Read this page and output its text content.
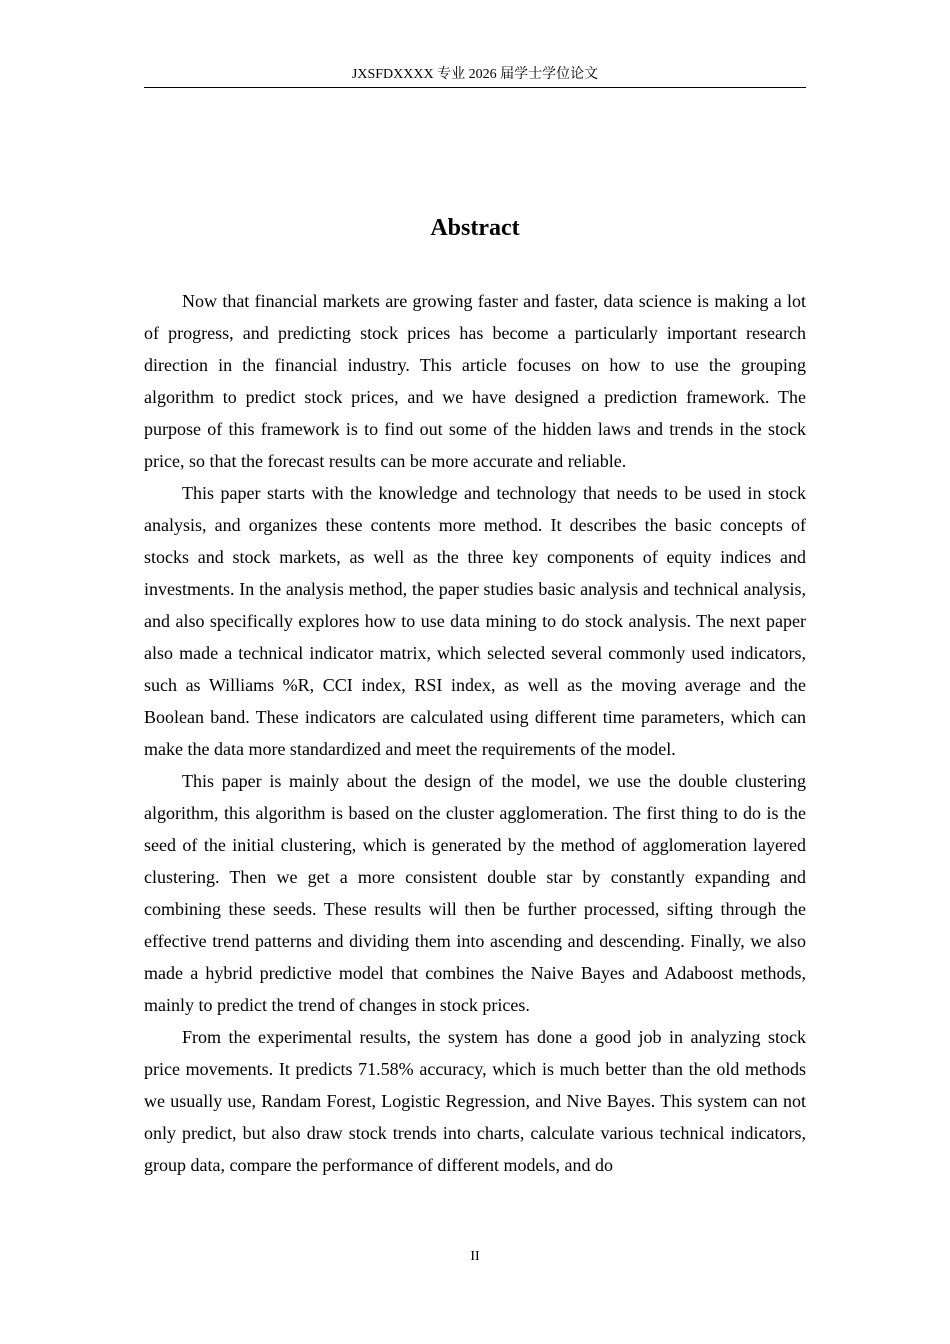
JXSFDXXXX 专业 2026 届学士学位论文
Abstract

Now that financial markets are growing faster and faster, data science is making a lot of progress, and predicting stock prices has become a particularly important research direction in the financial industry. This article focuses on how to use the grouping algorithm to predict stock prices, and we have designed a prediction framework. The purpose of this framework is to find out some of the hidden laws and trends in the stock price, so that the forecast results can be more accurate and reliable.

This paper starts with the knowledge and technology that needs to be used in stock analysis, and organizes these contents more method. It describes the basic concepts of stocks and stock markets, as well as the three key components of equity indices and investments. In the analysis method, the paper studies basic analysis and technical analysis, and also specifically explores how to use data mining to do stock analysis. The next paper also made a technical indicator matrix, which selected several commonly used indicators, such as Williams %R, CCI index, RSI index, as well as the moving average and the Boolean band. These indicators are calculated using different time parameters, which can make the data more standardized and meet the requirements of the model.

This paper is mainly about the design of the model, we use the double clustering algorithm, this algorithm is based on the cluster agglomeration. The first thing to do is the seed of the initial clustering, which is generated by the method of agglomeration layered clustering. Then we get a more consistent double star by constantly expanding and combining these seeds. These results will then be further processed, sifting through the effective trend patterns and dividing them into ascending and descending. Finally, we also made a hybrid predictive model that combines the Naive Bayes and Adaboost methods, mainly to predict the trend of changes in stock prices.

From the experimental results, the system has done a good job in analyzing stock price movements. It predicts 71.58% accuracy, which is much better than the old methods we usually use, Randam Forest, Logistic Regression, and Nive Bayes. This system can not only predict, but also draw stock trends into charts, calculate various technical indicators, group data, compare the performance of different models, and do

II
